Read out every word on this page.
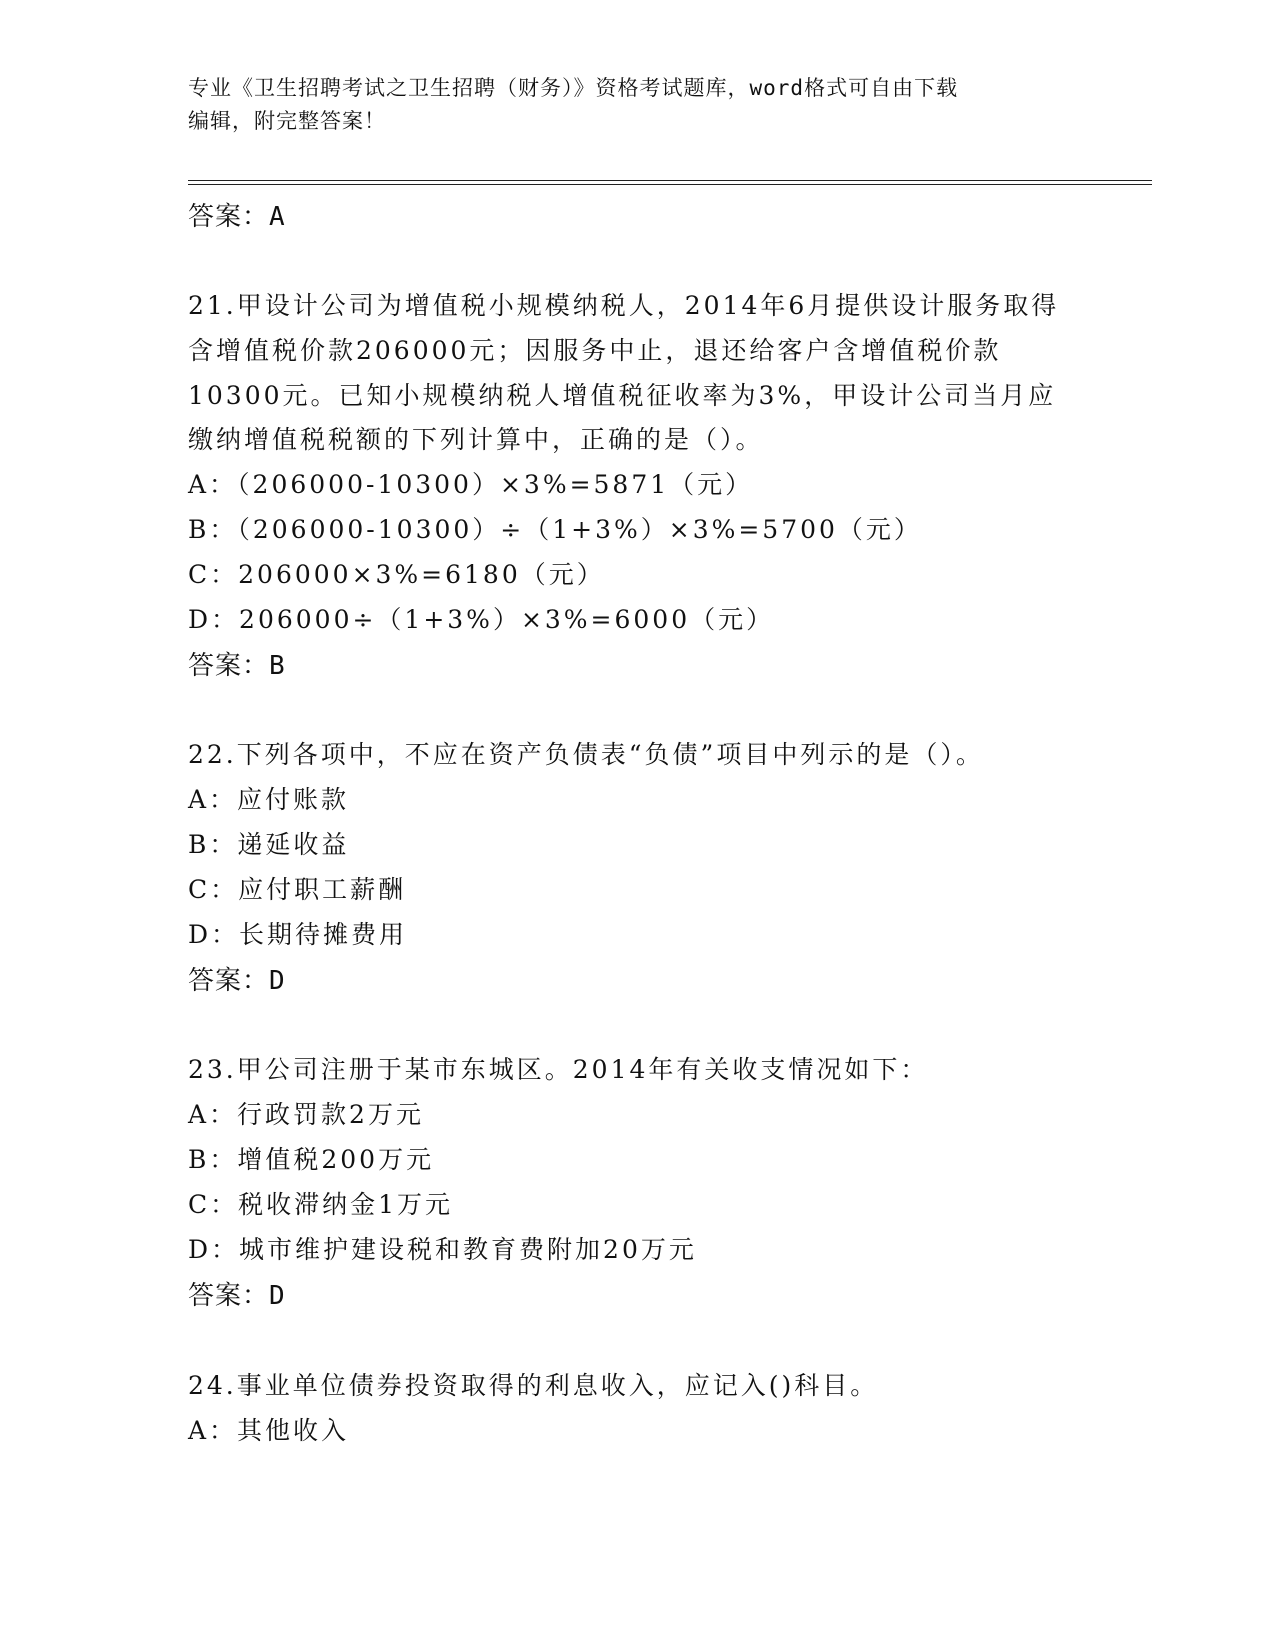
专业《卫生招聘考试之卫生招聘（财务）》资格考试题库，word格式可自由下载
编辑，附完整答案！
答案：A
21.甲设计公司为增值税小规模纳税人，2014年6月提供设计服务取得
含增值税价款206000元；因服务中止，退还给客户含增值税价款
10300元。已知小规模纳税人增值税征收率为3%，甲设计公司当月应
缴纳增值税税额的下列计算中，正确的是（）。
A：（206000-10300）×3%=5871（元）
B：（206000-10300）÷（1+3%）×3%=5700（元）
C：206000×3%=6180（元）
D：206000÷（1+3%）×3%=6000（元）
答案：B
22.下列各项中，不应在资产负债表“负债”项目中列示的是（）。
A：应付账款
B：递延收益
C：应付职工薪酬
D：长期待摊费用
答案：D
23.甲公司注册于某市东城区。2014年有关收支情况如下：
A：行政罚款2万元
B：增值税200万元
C：税收滞纳金1万元
D：城市维护建设税和教育费附加20万元
答案：D
24.事业单位债券投资取得的利息收入，应记入()科目。
A：其他收入
